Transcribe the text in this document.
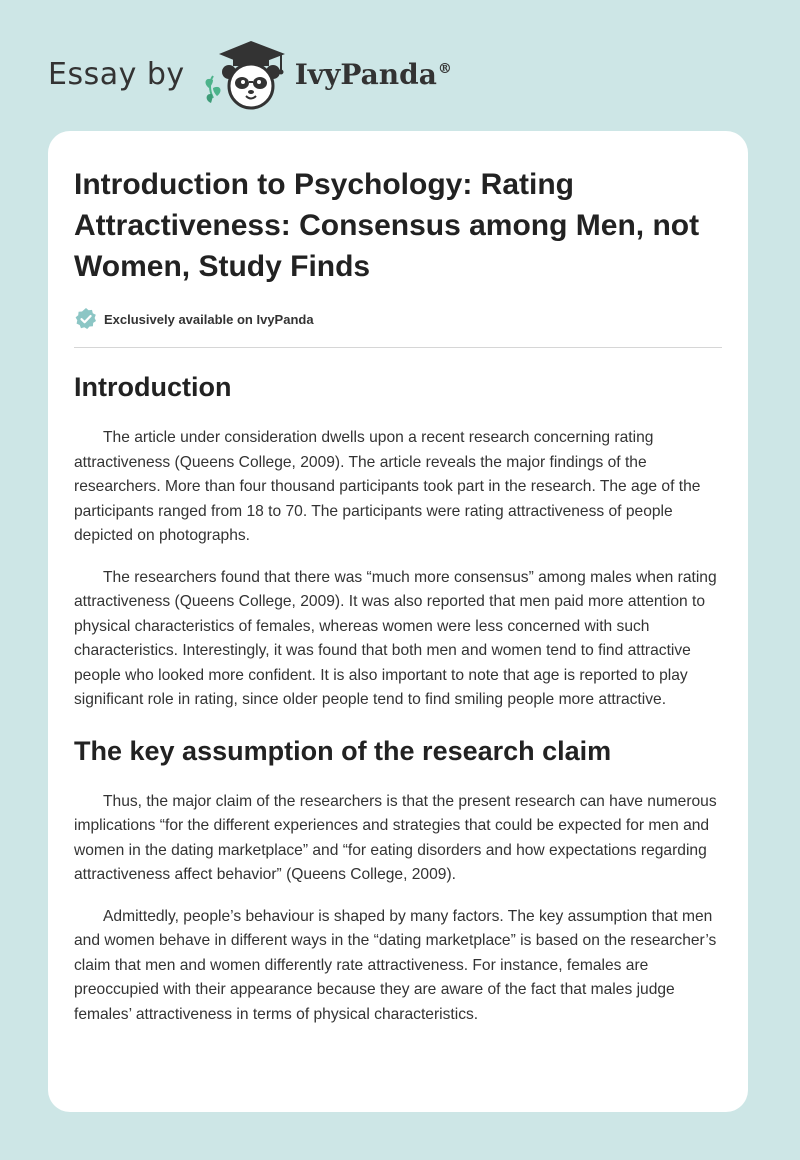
Essay by	IvyPanda®
Introduction to Psychology: Rating Attractiveness: Consensus among Men, not Women, Study Finds
Exclusively available on IvyPanda
Introduction

The article under consideration dwells upon a recent research concerning rating attractiveness (Queens College, 2009). The article reveals the major findings of the researchers. More than four thousand participants took part in the research. The age of the participants ranged from 18 to 70. The participants were rating attractiveness of people depicted on photographs.

The researchers found that there was “much more consensus” among males when rating attractiveness (Queens College, 2009). It was also reported that men paid more attention to physical characteristics of females, whereas women were less concerned with such characteristics. Interestingly, it was found that both men and women tend to find attractive people who looked more confident. It is also important to note that age is reported to play significant role in rating, since older people tend to find smiling people more attractive.

The key assumption of the research claim

Thus, the major claim of the researchers is that the present research can have numerous implications “for the different experiences and strategies that could be expected for men and women in the dating marketplace” and “for eating disorders and how expectations regarding attractiveness affect behavior” (Queens College, 2009).

Admittedly, people’s behaviour is shaped by many factors. The key assumption that men and women behave in different ways in the “dating marketplace” is based on the researcher’s claim that men and women differently rate attractiveness. For instance, females are preoccupied with their appearance because they are aware of the fact that males judge females’ attractiveness in terms of physical characteristics.
